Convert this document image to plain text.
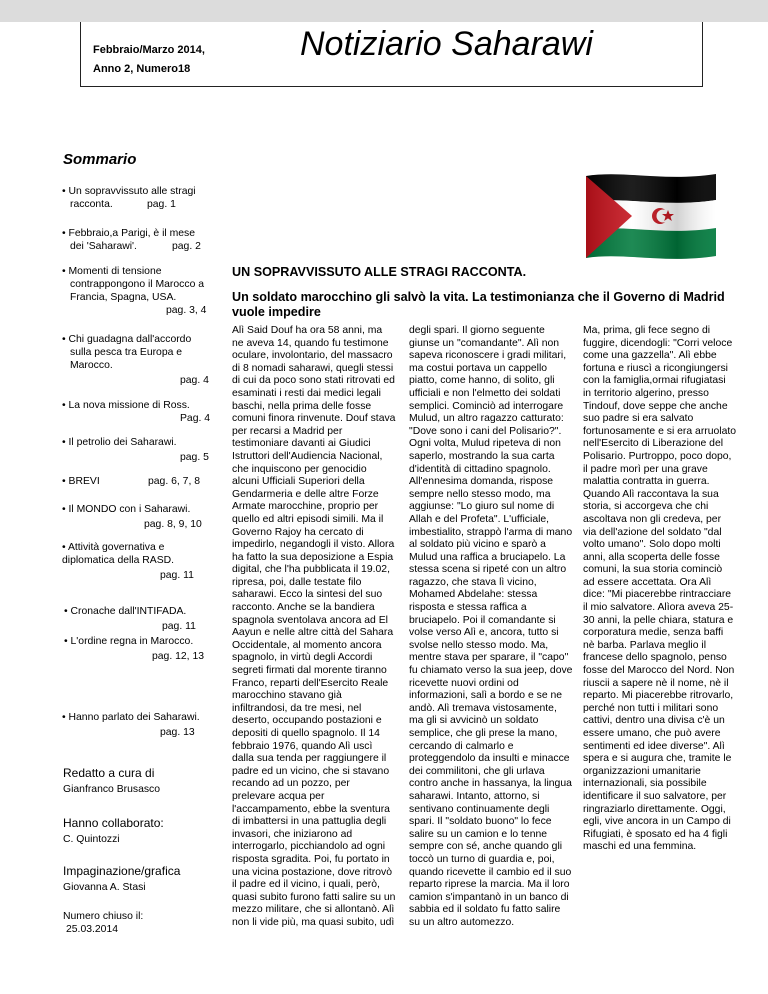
Febbraio/Marzo 2014,
Anno 2, Numero18
Notiziario Saharawi
Sommario
• Un sopravvissuto alle stragi
racconta.	pag. 1
• Febbraio,a Parigi, è il mese
dei 'Saharawi'.	pag. 2
• Momenti di tensione
contrappongono il Marocco a
Francia, Spagna, USA.
pag. 3, 4
• Chi guadagna dall'accordo
sulla pesca tra Europa e
Marocco.
pag. 4
• La nova missione di Ross.
Pag. 4
• Il petrolio dei Saharawi.
pag. 5
• BREVI	pag. 6, 7, 8
• Il MONDO con i Saharawi.
pag. 8, 9, 10
• Attività governativa e
diplomatica della RASD.
pag. 11
• Cronache dall'INTIFADA.
pag. 11
• L'ordine regna in Marocco.
pag. 12, 13
• Hanno parlato dei Saharawi.
pag. 13
Redatto a cura di
Gianfranco Brusasco
Hanno collaborato:
C. Quintozzi
Impaginazione/grafica
Giovanna A. Stasi
Numero chiuso il:
25.03.2014
UN SOPRAVVISSUTO ALLE STRAGI RACCONTA.
Un soldato marocchino gli salvò la vita. La testimonianza che il Governo di Madrid vuole impedire
Alì Said Douf ha ora 58 anni, ma
ne aveva 14, quando fu testimone
oculare, involontario, del massacro
di 8 nomadi saharawi, quegli stessi
di cui da poco sono stati ritrovati ed
esaminati i resti dai medici legali
baschi, nella prima delle fosse
comuni finora rinvenute. Douf stava
per recarsi a Madrid per
testimoniare davanti ai Giudici
Istruttori dell'Audiencia Nacional,
che inquiscono per genocidio
alcuni Ufficiali Superiori della
Gendarmeria e delle altre Forze
Armate marocchine, proprio per
quello ed altri episodi simili. Ma il
Governo Rajoy ha cercato di
impedirlo, negandogli il visto. Allora
ha fatto la sua deposizione a Espia
digital, che l'ha pubblicata il 19.02,
ripresa, poi, dalle testate filo
saharawi. Ecco la sintesi del suo
racconto. Anche se la bandiera
spagnola sventolava ancora ad El
Aayun e nelle altre città del Sahara
Occidentale, al momento ancora
spagnolo, in virtù degli Accordi
segreti firmati dal morente tiranno
Franco, reparti dell'Esercito Reale
marocchino stavano già
infiltrandosi, da tre mesi, nel
deserto, occupando postazioni e
depositi di quello spagnolo. Il 14
febbraio 1976, quando Alì uscì
dalla sua tenda per raggiungere il
padre ed un vicino, che si stavano
recando ad un pozzo, per
prelevare acqua per
l'accampamento, ebbe la sventura
di imbattersi in una pattuglia degli
invasori, che iniziarono ad
interrogarlo, picchiandolo ad ogni
risposta sgradita. Poi, fu portato in
una vicina postazione, dove ritrovò
il padre ed il vicino, i quali, però,
quasi subito furono fatti salire su un
mezzo militare, che si allontanò. Alì
non li vide più, ma quasi subito, udì
degli spari. Il giorno seguente
giunse un "comandante". Alì non
sapeva riconoscere i gradi militari,
ma costui portava un cappello
piatto, come hanno, di solito, gli
ufficiali e non l'elmetto dei soldati
semplici. Cominciò ad interrogare
Mulud, un altro ragazzo catturato:
"Dove sono i cani del Polisario?".
Ogni volta, Mulud ripeteva di non
saperlo, mostrando la sua carta
d'identità di cittadino spagnolo.
All'ennesima domanda, rispose
sempre nello stesso modo, ma
aggiunse: "Lo giuro sul nome di
Allah e del Profeta". L'ufficiale,
imbestialito, strappò l'arma di mano
al soldato più vicino e sparò a
Mulud una raffica a bruciapelo. La
stessa scena si ripeté con un altro
ragazzo, che stava lì vicino,
Mohamed Abdelahe: stessa
risposta e stessa raffica a
bruciapelo. Poi il comandante si
volse verso Alì e, ancora, tutto si
svolse nello stesso modo. Ma,
mentre stava per sparare, il "capo"
fu chiamato verso la sua jeep, dove
ricevette nuovi ordini od
informazioni, salì a bordo e se ne
andò. Alì tremava vistosamente,
ma gli si avvicinò un soldato
semplice, che gli prese la mano,
cercando di calmarlo e
proteggendolo da insulti e minacce
dei commilitoni, che gli urlava
contro anche in hassanya, la lingua
saharawi. Intanto, attorno, si
sentivano continuamente degli
spari. Il "soldato buono" lo fece
salire su un camion e lo tenne
sempre con sé, anche quando gli
toccò un turno di guardia e, poi,
quando ricevette il cambio ed il suo
reparto riprese la marcia. Ma il loro
camion s'impantanò in un banco di
sabbia ed il soldato fu fatto salire
su un altro automezzo.
Ma, prima, gli fece segno di
fuggire, dicendogli: "Corri veloce
come una gazzella". Alì ebbe
fortuna e riuscì a ricongiungersi
con la famiglia,ormai rifugiatasi
in territorio algerino, presso
Tindouf, dove seppe che anche
suo padre si era salvato
fortunosamente e si era arruolato
nell'Esercito di Liberazione del
Polisario. Purtroppo, poco dopo,
il padre morì per una grave
malattia contratta in guerra.
Quando Alì raccontava la sua
storia, si accorgeva che chi
ascoltava non gli credeva, per
via dell'azione del soldato "dal
volto umano". Solo dopo molti
anni, alla scoperta delle fosse
comuni, la sua storia cominciò
ad essere accettata. Ora Alì
dice: "Mi piacerebbe rintracciare
il mio salvatore. Alìora aveva 25-
30 anni, la pelle chiara, statura e
corporatura medie, senza baffi
nè barba. Parlava meglio il
francese dello spagnolo, penso
fosse del Marocco del Nord. Non
riuscii a sapere nè il nome, nè il
reparto. Mi piacerebbe ritrovarlo,
perché non tutti i militari sono
cattivi, dentro una divisa c'è un
essere umano, che può avere
sentimenti ed idee diverse". Alì
spera e si augura che, tramite le
organizzazioni umanitarie
internazionali, sia possibile
identificare il suo salvatore, per
ringraziarlo direttamente. Oggi,
egli, vive ancora in un Campo di
Rifugiati, è sposato ed ha 4 figli
maschi ed una femmina.
